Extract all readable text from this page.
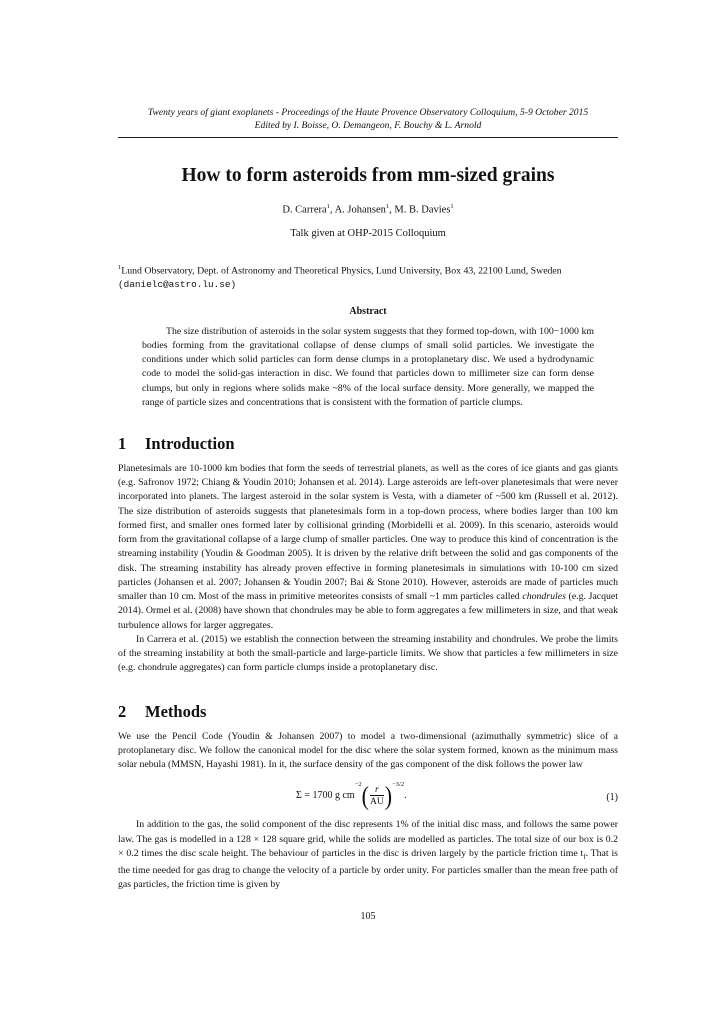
Twenty years of giant exoplanets - Proceedings of the Haute Provence Observatory Colloquium, 5-9 October 2015
Edited by I. Boisse, O. Demangeon, F. Bouchy & L. Arnold
How to form asteroids from mm-sized grains
D. Carrera$^1$, A. Johansen$^1$, M. B. Davies$^1$
Talk given at OHP-2015 Colloquium
$^1$Lund Observatory, Dept. of Astronomy and Theoretical Physics, Lund University, Box 43, 22100 Lund, Sweden
(danielc@astro.lu.se)
Abstract

The size distribution of asteroids in the solar system suggests that they formed top-down, with 100−1000 km bodies forming from the gravitational collapse of dense clumps of small solid particles. We investigate the conditions under which solid particles can form dense clumps in a protoplanetary disc. We used a hydrodynamic code to model the solid-gas interaction in disc. We found that particles down to millimeter size can form dense clumps, but only in regions where solids make ~8% of the local surface density. More generally, we mapped the range of particle sizes and concentrations that is consistent with the formation of particle clumps.

1 Introduction

Planetesimals are 10-1000 km bodies that form the seeds of terrestrial planets, as well as the cores of ice giants and gas giants (e.g. Safronov 1972; Chiang & Youdin 2010; Johansen et al. 2014). Large asteroids are left-over planetesimals that were never incorporated into planets. The largest asteroid in the solar system is Vesta, with a diameter of ~500 km (Russell et al. 2012). The size distribution of asteroids suggests that planetesimals form in a top-down process, where bodies larger than 100 km formed first, and smaller ones formed later by collisional grinding (Morbidelli et al. 2009). In this scenario, asteroids would form from the gravitational collapse of a large clump of smaller particles. One way to produce this kind of concentration is the streaming instability (Youdin & Goodman 2005). It is driven by the relative drift between the solid and gas components of the disk. The streaming instability has already proven effective in forming planetesimals in simulations with 10-100 cm sized particles (Johansen et al. 2007; Johansen & Youdin 2007; Bai & Stone 2010). However, asteroids are made of particles much smaller than 10 cm. Most of the mass in primitive meteorites consists of small ~1 mm particles called chondrules (e.g. Jacquet 2014). Ormel et al. (2008) have shown that chondrules may be able to form aggregates a few millimeters in size, and that weak turbulence allows for larger aggregates.

In Carrera et al. (2015) we establish the connection between the streaming instability and chondrules. We probe the limits of the streaming instability at both the small-particle and large-particle limits. We show that particles a few millimeters in size (e.g. chondrule aggregates) can form particle clumps inside a protoplanetary disc.

2 Methods

We use the Pencil Code (Youdin & Johansen 2007) to model a two-dimensional (azimuthally symmetric) slice of a protoplanetary disc. We follow the canonical model for the disc where the solar system formed, known as the minimum mass solar nebula (MMSN, Hayashi 1981). In it, the surface density of the gas component of the disk follows the power law

Σ = 1700 g cm
−2 ( $\frac{r}{AU}$ ) −3/2
.	(1)

In addition to the gas, the solid component of the disc represents 1% of the initial disc mass, and follows the same power law. The gas is modelled in a 128 × 128 square grid, while the solids are modelled as particles. The total size of our box is 0.2 × 0.2 times the disc scale height. The behaviour of particles in the disc is driven largely by the particle friction time $t_f$. That is the time needed for gas drag to change the velocity of a particle by order unity. For particles smaller than the mean free path of gas particles, the friction time is given by

105
